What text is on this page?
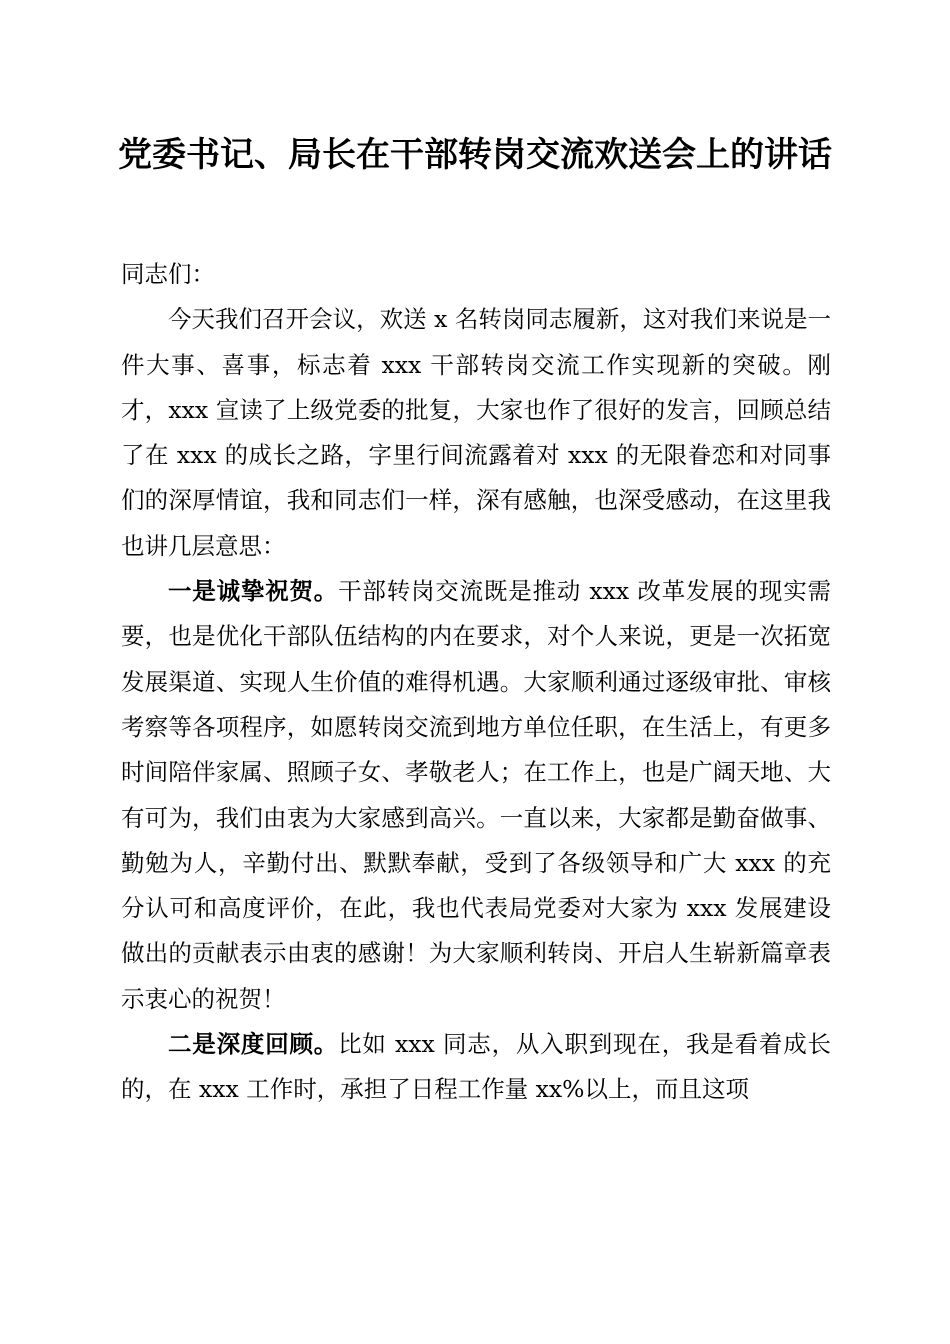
党委书记、局长在干部转岗交流欢送会上的讲话

同志们：

今天我们召开会议，欢送 x 名转岗同志履新，这对我们来说是一件大事、喜事，标志着 xxx 干部转岗交流工作实现新的突破。刚才，xxx 宣读了上级党委的批复，大家也作了很好的发言，回顾总结了在 xxx 的成长之路，字里行间流露着对 xxx 的无限眷恋和对同事们的深厚情谊，我和同志们一样，深有感触，也深受感动，在这里我也讲几层意思：

一是诚挚祝贺。干部转岗交流既是推动 xxx 改革发展的现实需要，也是优化干部队伍结构的内在要求，对个人来说，更是一次拓宽发展渠道、实现人生价值的难得机遇。大家顺利通过逐级审批、审核考察等各项程序，如愿转岗交流到地方单位任职，在生活上，有更多时间陪伴家属、照顾子女、孝敬老人；在工作上，也是广阔天地、大有可为，我们由衷为大家感到高兴。一直以来，大家都是勤奋做事、勤勉为人，辛勤付出、默默奉献，受到了各级领导和广大 xxx 的充分认可和高度评价，在此，我也代表局党委对大家为 xxx 发展建设做出的贡献表示由衷的感谢！为大家顺利转岗、开启人生崭新篇章表示衷心的祝贺！

二是深度回顾。比如 xxx 同志，从入职到现在，我是看着成长的，在 xxx 工作时，承担了日程工作量 xx%以上，而且这项
